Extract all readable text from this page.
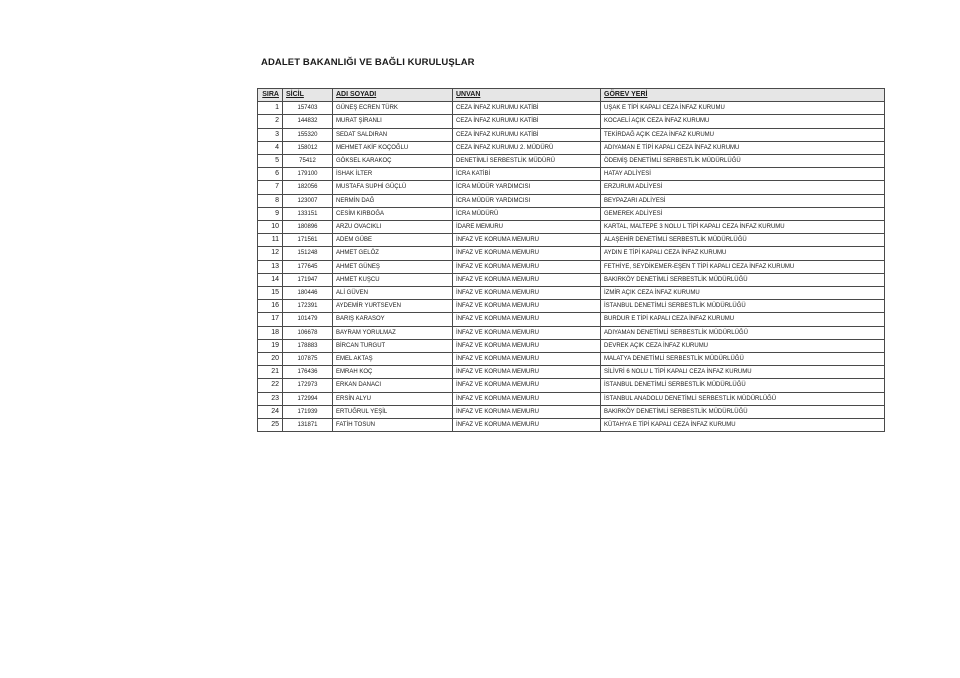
ADALET BAKANLIĞI VE BAĞLI KURULUŞLAR
SIRA	SİCİL	ADI SOYADI	UNVAN	GÖREV YERİ
1	157403	GÜNEŞ ECREN TÜRK	CEZA İNFAZ KURUMU KATİBİ	UŞAK E TİPİ KAPALI CEZA İNFAZ KURUMU
2	144832	MURAT ŞİRANLI	CEZA İNFAZ KURUMU KATİBİ	KOCAELİ AÇIK CEZA İNFAZ KURUMU
3	155320	SEDAT SALDIRAN	CEZA İNFAZ KURUMU KATİBİ	TEKİRDAĞ AÇIK CEZA İNFAZ KURUMU
4	158012	MEHMET AKİF KOÇOĞLU	CEZA İNFAZ KURUMU 2. MÜDÜRÜ	ADIYAMAN E TİPİ KAPALI CEZA İNFAZ KURUMU
5	75412	GÖKSEL KARAKOÇ	DENETİMLİ SERBESTLİK MÜDÜRÜ	ÖDEMİŞ DENETİMLİ SERBESTLİK MÜDÜRLÜĞÜ
6	179100	İSHAK İLTER	İCRA KATİBİ	HATAY ADLİYESİ
7	182056	MUSTAFA SUPHİ GÜÇLÜ	İCRA MÜDÜR YARDIMCISI	ERZURUM ADLİYESİ
8	123007	NERMİN DAĞ	İCRA MÜDÜR YARDIMCISI	BEYPAZARI ADLİYESİ
9	133151	CESİM KIRBOĞA	İCRA MÜDÜRÜ	GEMEREK ADLİYESİ
10	180896	ARZU OVACIKLI	İDARE MEMURU	KARTAL, MALTEPE 3 NOLU L TİPİ KAPALI CEZA İNFAZ KURUMU
11	171561	ADEM GÜBE	İNFAZ VE KORUMA MEMURU	ALAŞEHİR DENETİMLİ SERBESTLİK MÜDÜRLÜĞÜ
12	151248	AHMET GELÖZ	İNFAZ VE KORUMA MEMURU	AYDIN E TİPİ KAPALI CEZA İNFAZ KURUMU
13	177645	AHMET GÜNEŞ	İNFAZ VE KORUMA MEMURU	FETHİYE, SEYDİKEMER-EŞEN T TİPİ KAPALI CEZA İNFAZ KURUMU
14	171947	AHMET KUŞCU	İNFAZ VE KORUMA MEMURU	BAKIRKÖY DENETİMLİ SERBESTLİK MÜDÜRLÜĞÜ
15	180446	ALİ GÜVEN	İNFAZ VE KORUMA MEMURU	İZMİR AÇIK CEZA İNFAZ KURUMU
16	172391	AYDEMİR YURTSEVEN	İNFAZ VE KORUMA MEMURU	İSTANBUL DENETİMLİ SERBESTLİK MÜDÜRLÜĞÜ
17	101479	BARIŞ KARASOY	İNFAZ VE KORUMA MEMURU	BURDUR E TİPİ KAPALI CEZA İNFAZ KURUMU
18	106678	BAYRAM YORULMAZ	İNFAZ VE KORUMA MEMURU	ADIYAMAN DENETİMLİ SERBESTLİK MÜDÜRLÜĞÜ
19	178883	BİRCAN TURGUT	İNFAZ VE KORUMA MEMURU	DEVREK AÇIK CEZA İNFAZ KURUMU
20	107875	EMEL AKTAŞ	İNFAZ VE KORUMA MEMURU	MALATYA DENETİMLİ SERBESTLİK MÜDÜRLÜĞÜ
21	176436	EMRAH KOÇ	İNFAZ VE KORUMA MEMURU	SİLİVRİ 6 NOLU L TİPİ KAPALI CEZA İNFAZ KURUMU
22	172973	ERKAN DANACI	İNFAZ VE KORUMA MEMURU	İSTANBUL DENETİMLİ SERBESTLİK MÜDÜRLÜĞÜ
23	172994	ERSİN ALYU	İNFAZ VE KORUMA MEMURU	İSTANBUL ANADOLU DENETİMLİ SERBESTLİK MÜDÜRLÜĞÜ
24	171939	ERTUĞRUL YEŞİL	İNFAZ VE KORUMA MEMURU	BAKIRKÖY DENETİMLİ SERBESTLİK MÜDÜRLÜĞÜ
25	131871	FATİH TOSUN	İNFAZ VE KORUMA MEMURU	KÜTAHYA E TİPİ KAPALI CEZA İNFAZ KURUMU
